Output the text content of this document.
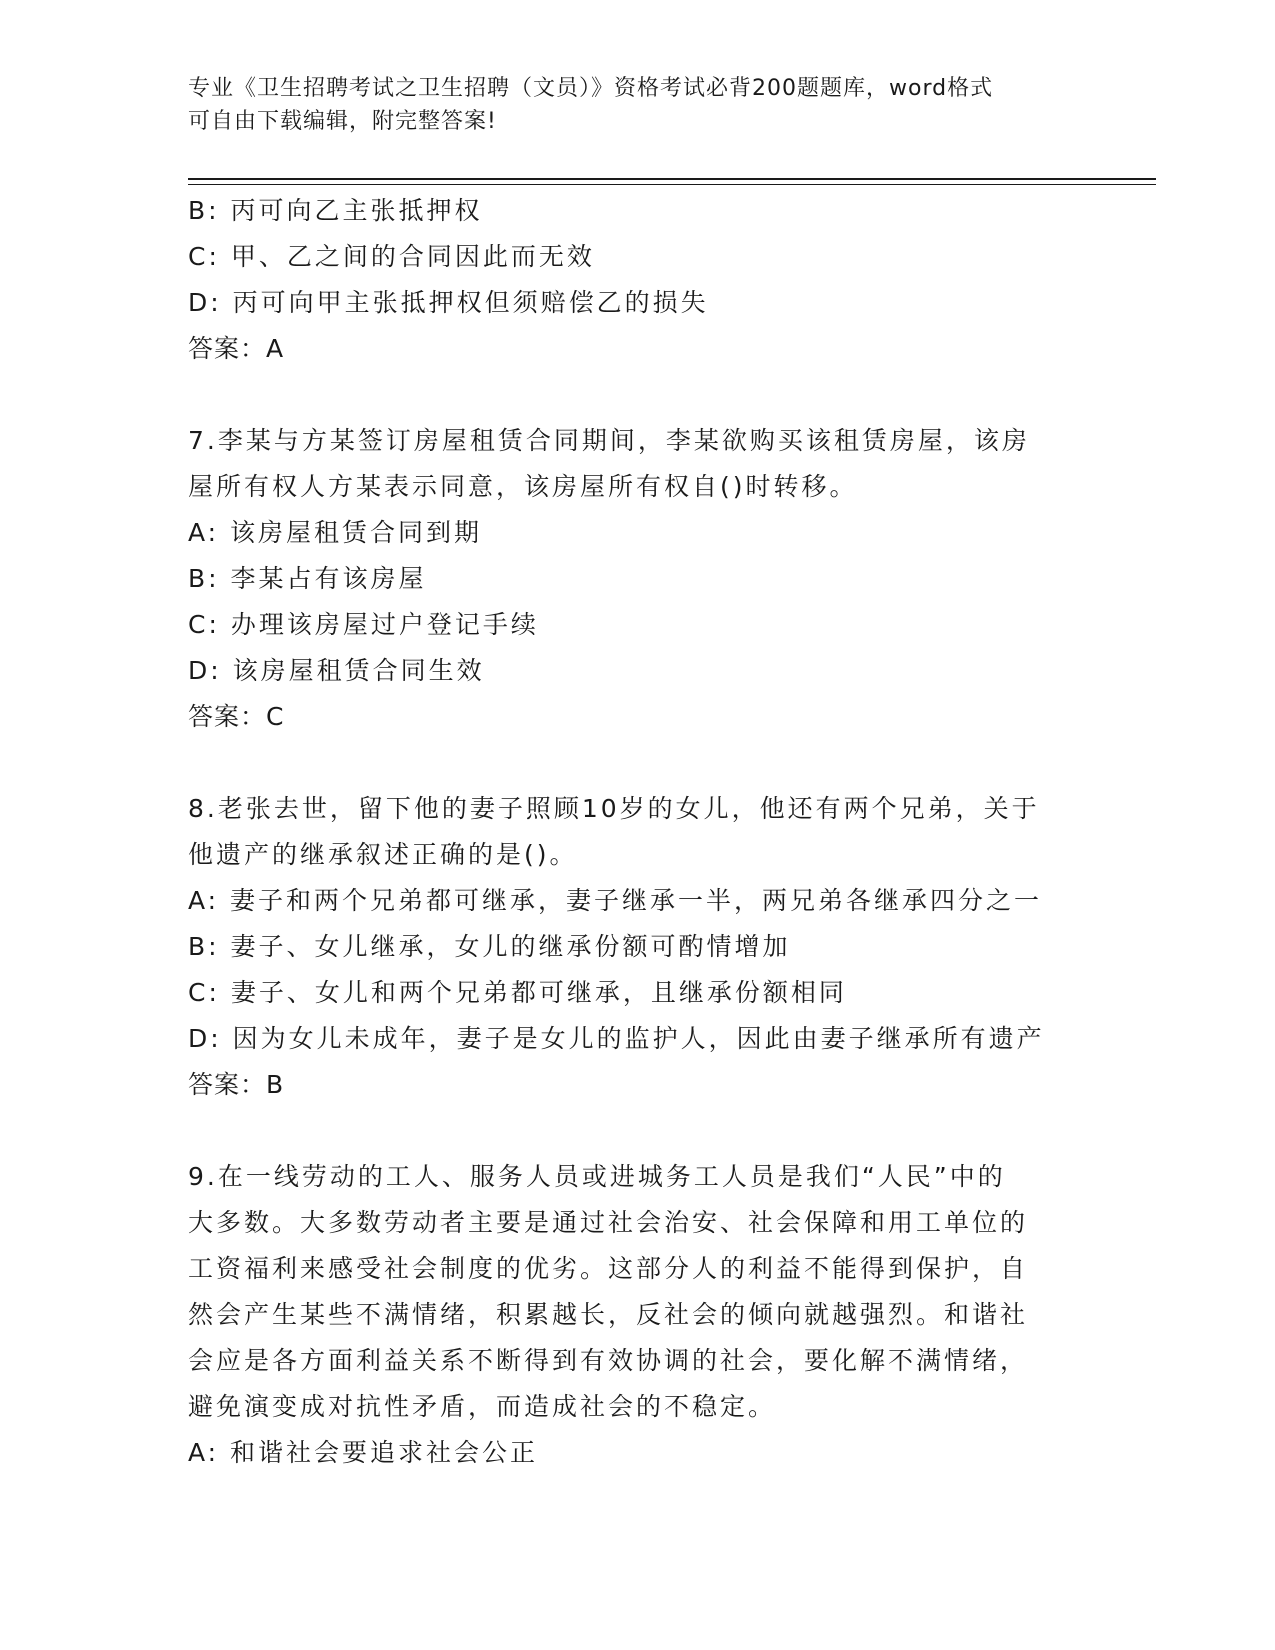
专业《卫生招聘考试之卫生招聘（文员）》资格考试必背200题题库，word格式
可自由下载编辑，附完整答案!
B: 丙可向乙主张抵押权
C: 甲、乙之间的合同因此而无效
D: 丙可向甲主张抵押权但须赔偿乙的损失
答案：A
7.李某与方某签订房屋租赁合同期间，李某欲购买该租赁房屋，该房
屋所有权人方某表示同意，该房屋所有权自()时转移。
A: 该房屋租赁合同到期
B: 李某占有该房屋
C: 办理该房屋过户登记手续
D: 该房屋租赁合同生效
答案：C
8.老张去世，留下他的妻子照顾10岁的女儿，他还有两个兄弟，关于
他遗产的继承叙述正确的是()。
A: 妻子和两个兄弟都可继承，妻子继承一半，两兄弟各继承四分之一
B: 妻子、女儿继承，女儿的继承份额可酌情增加
C: 妻子、女儿和两个兄弟都可继承，且继承份额相同
D: 因为女儿未成年，妻子是女儿的监护人，因此由妻子继承所有遗产
答案：B
9.在一线劳动的工人、服务人员或进城务工人员是我们“人民”中的
大多数。大多数劳动者主要是通过社会治安、社会保障和用工单位的
工资福利来感受社会制度的优劣。这部分人的利益不能得到保护，自
然会产生某些不满情绪，积累越长，反社会的倾向就越强烈。和谐社
会应是各方面利益关系不断得到有效协调的社会，要化解不满情绪，
避免演变成对抗性矛盾，而造成社会的不稳定。
A: 和谐社会要追求社会公正
